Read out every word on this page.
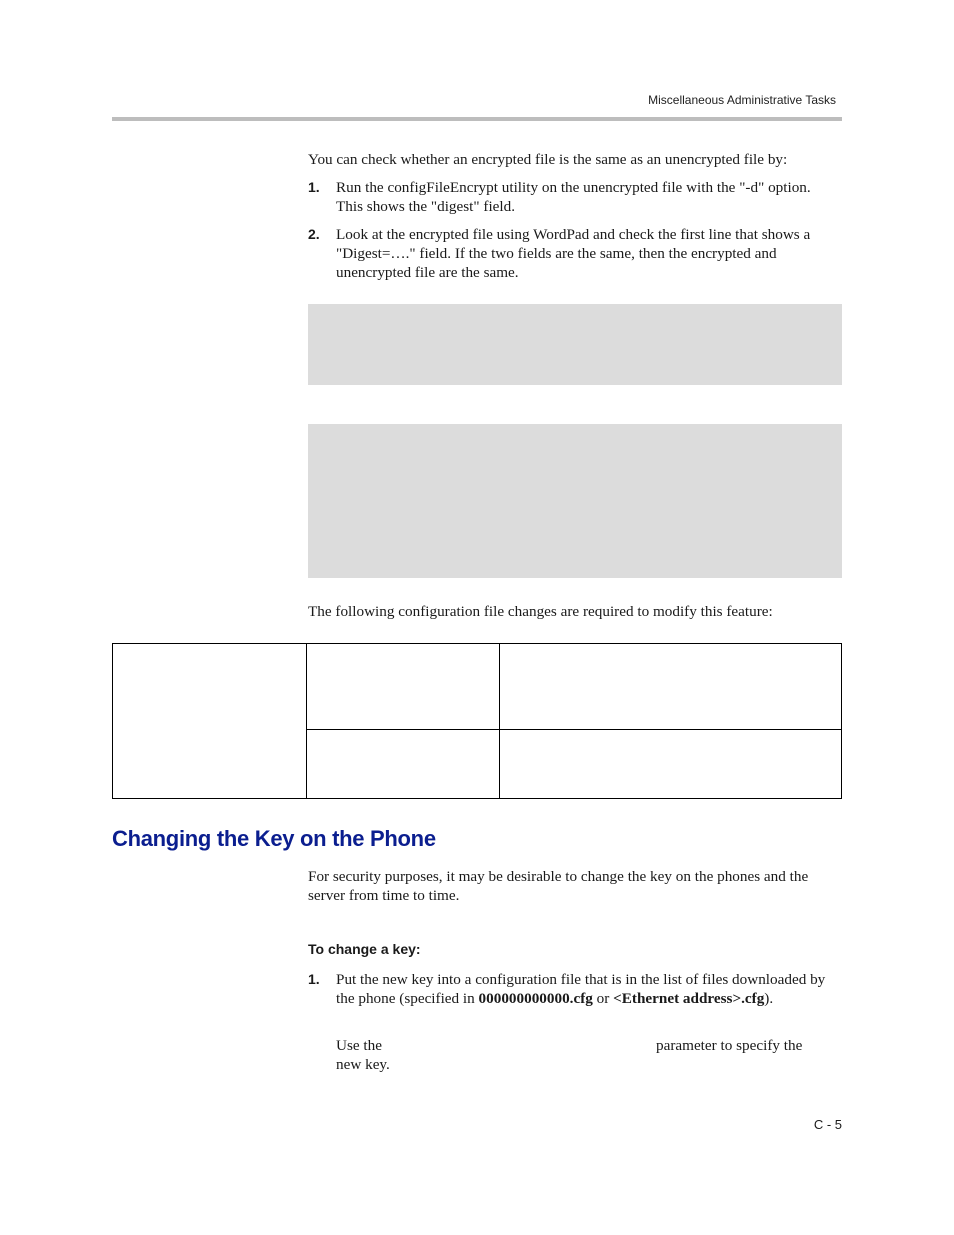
Miscellaneous Administrative Tasks
You can check whether an encrypted file is the same as an unencrypted file by:
1. Run the configFileEncrypt utility on the unencrypted file with the "-d" option. This shows the "digest" field.
2. Look at the encrypted file using WordPad and check the first line that shows a "Digest=…." field. If the two fields are the same, then the encrypted and unencrypted file are the same.
The following configuration file changes are required to modify this feature:
Changing the Key on the Phone
For security purposes, it may be desirable to change the key on the phones and the server from time to time.
To change a key:
1. Put the new key into a configuration file that is in the list of files downloaded by the phone (specified in 000000000000.cfg or <Ethernet address>.cfg).
Use the	parameter to specify the

new key.
C - 5
